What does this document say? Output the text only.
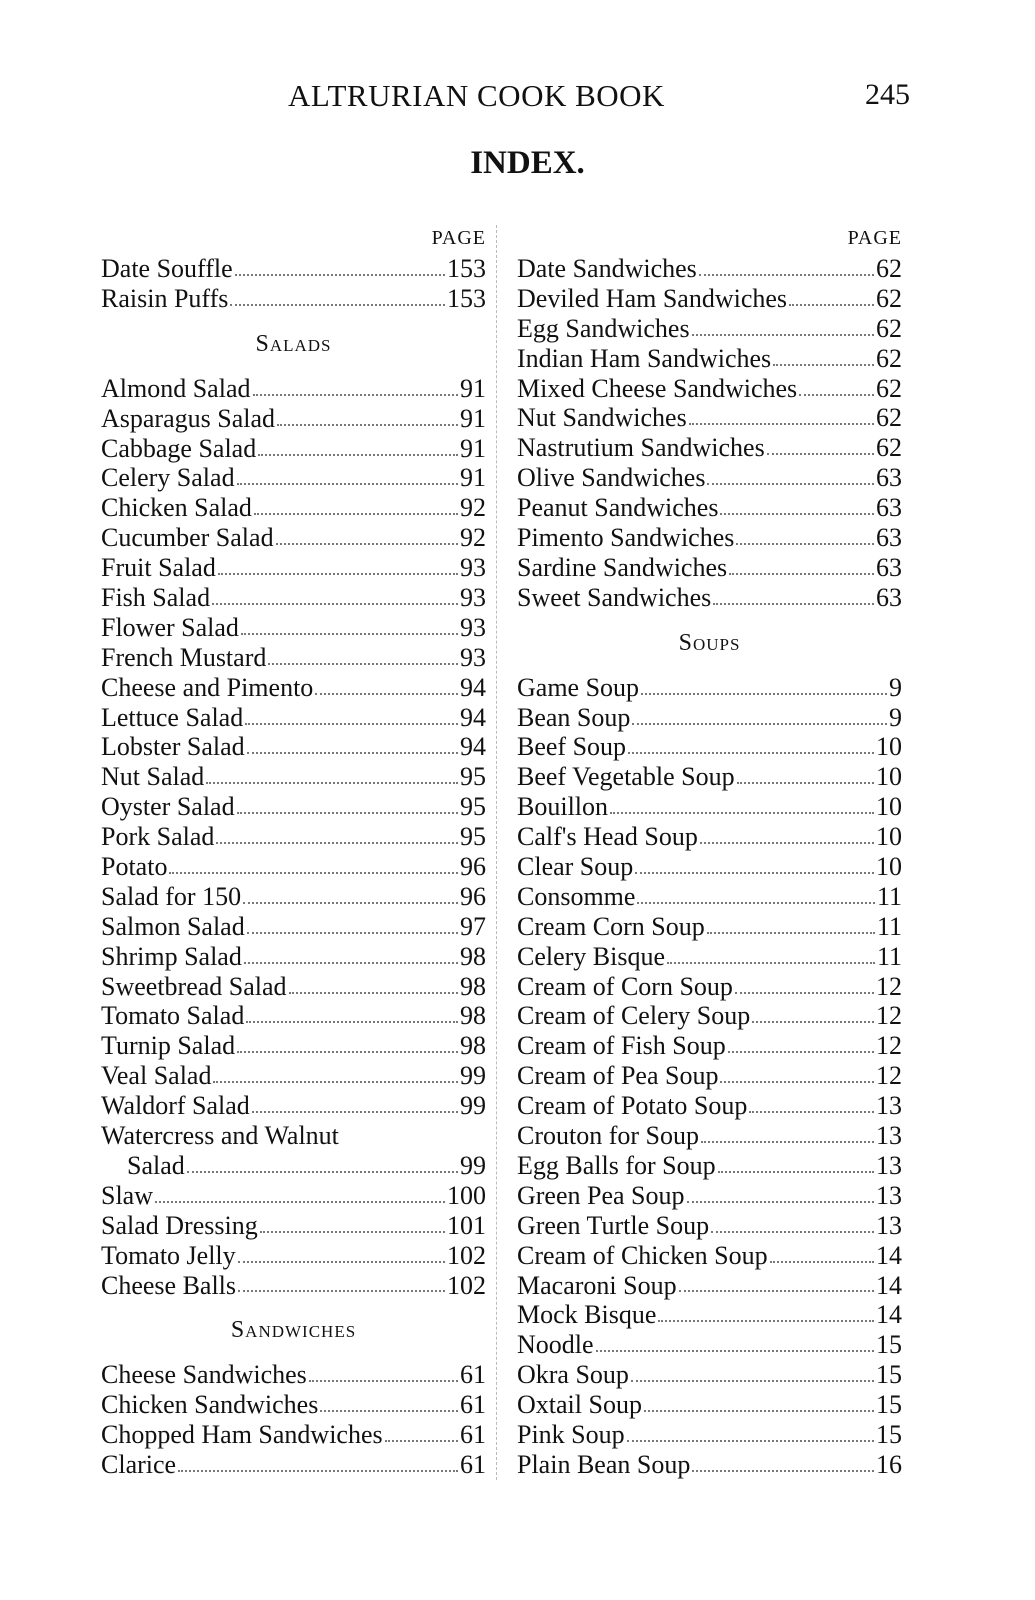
ALTRURIAN COOK BOOK	245
INDEX.
PAGE
Date Souffle	153
Raisin Puffs	153
Salads
Almond Salad	91
Asparagus Salad	91
Cabbage Salad	91
Celery Salad	91
Chicken Salad	92
Cucumber Salad	92
Fruit Salad	93
Fish Salad	93
Flower Salad	93
French Mustard	93
Cheese and Pimento	94
Lettuce Salad	94
Lobster Salad	94
Nut Salad	95
Oyster Salad	95
Pork Salad	95
Potato	96
Salad for 150	96
Salmon Salad	97
Shrimp Salad	98
Sweetbread Salad	98
Tomato Salad	98
Turnip Salad	98
Veal Salad	99
Waldorf Salad	99
Watercress and Walnut
Salad	99
Slaw	100
Salad Dressing	101
Tomato Jelly	102
Cheese Balls	102
Sandwiches
Cheese Sandwiches	61
Chicken Sandwiches	61
Chopped Ham Sandwiches	61
Clarice	61
PAGE
Date Sandwiches	62
Deviled Ham Sandwiches	62
Egg Sandwiches	62
Indian Ham Sandwiches	62
Mixed Cheese Sandwiches	62
Nut Sandwiches	62
Nastrutium Sandwiches	62
Olive Sandwiches	63
Peanut Sandwiches	63
Pimento Sandwiches	63
Sardine Sandwiches	63
Sweet Sandwiches	63
Soups
Game Soup	9
Bean Soup	9
Beef Soup	10
Beef Vegetable Soup	10
Bouillon	10
Calf's Head Soup	10
Clear Soup	10
Consomme	11
Cream Corn Soup	11
Celery Bisque	11
Cream of Corn Soup	12
Cream of Celery Soup	12
Cream of Fish Soup	12
Cream of Pea Soup	12
Cream of Potato Soup	13
Crouton for Soup	13
Egg Balls for Soup	13
Green Pea Soup	13
Green Turtle Soup	13
Cream of Chicken Soup	14
Macaroni Soup	14
Mock Bisque	14
Noodle	15
Okra Soup	15
Oxtail Soup	15
Pink Soup	15
Plain Bean Soup	16
